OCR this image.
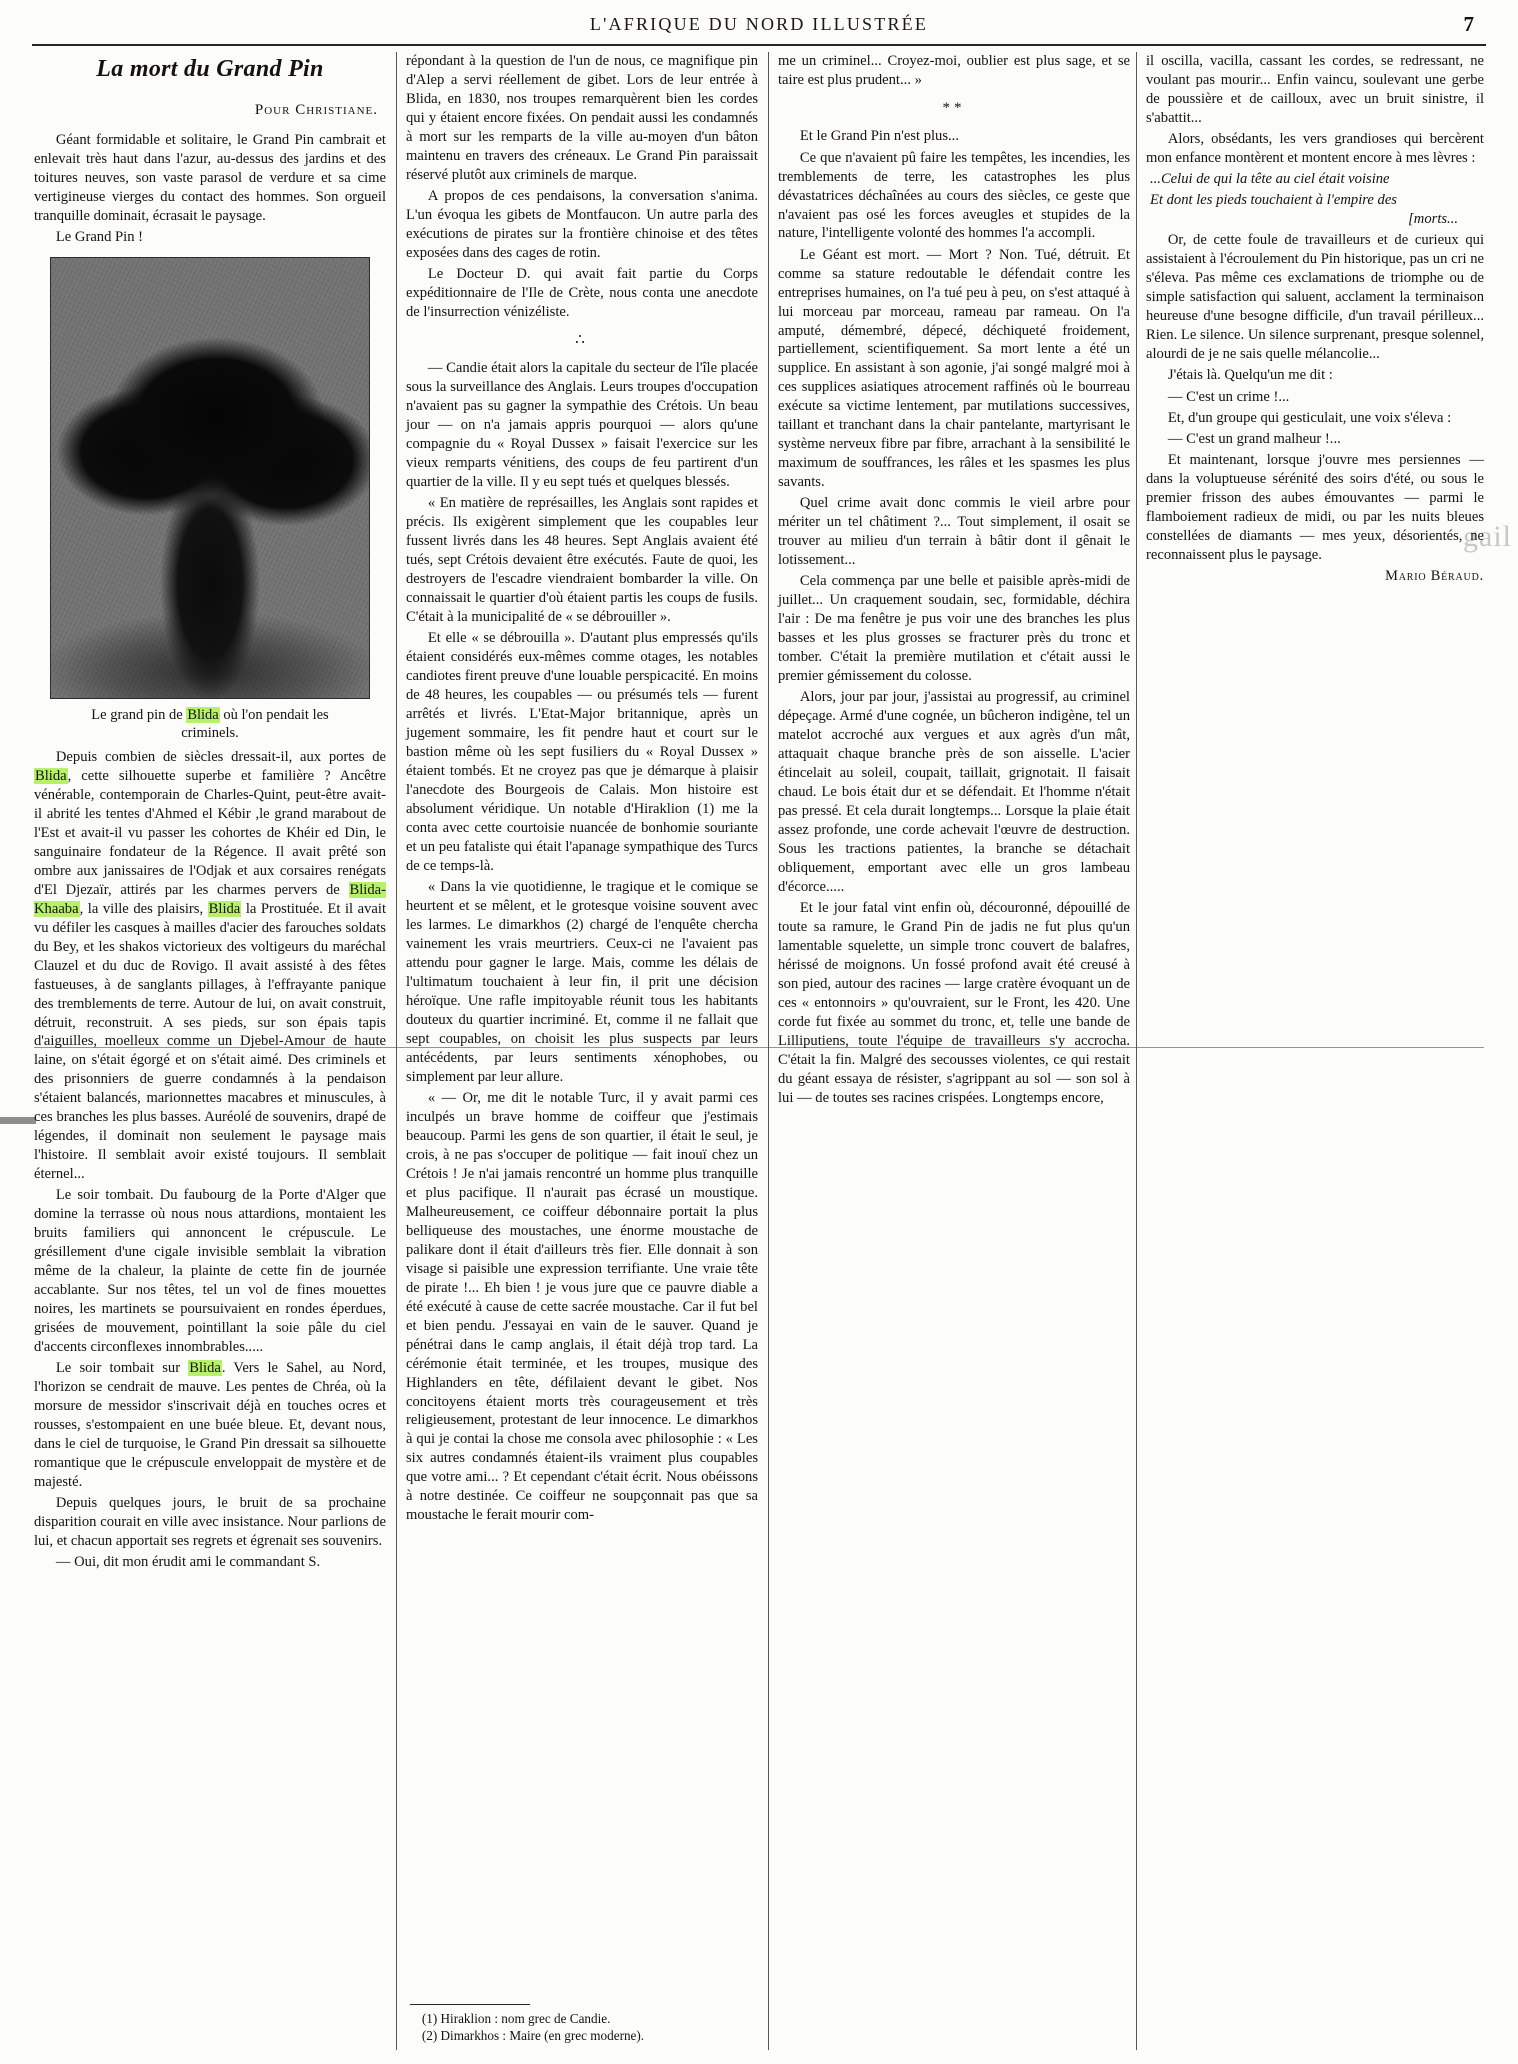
L'AFRIQUE DU NORD ILLUSTRÉE	7
gail
La mort du Grand Pin
Pour Christiane.

Géant formidable et solitaire, le Grand Pin cambrait et enlevait très haut dans l'azur, au-dessus des jardins et des toitures neuves, son vaste parasol de verdure et sa cime vertigineuse vierges du contact des hommes. Son orgueil tranquille dominait, écrasait le paysage.

Le Grand Pin !

Le grand pin de Blida où l'on pendait les
criminels.

Depuis combien de siècles dressait-il, aux portes de Blida, cette silhouette superbe et familière ? Ancêtre vénérable, contemporain de Charles-Quint, peut-être avait-il abrité les tentes d'Ahmed el Kébir ,le grand marabout de l'Est et avait-il vu passer les cohortes de Khéir ed Din, le sanguinaire fondateur de la Régence. Il avait prêté son ombre aux janissaires de l'Odjak et aux corsaires renégats d'El Djezaïr, attirés par les charmes pervers de Blida-Khaaba, la ville des plaisirs, Blida la Prostituée. Et il avait vu défiler les casques à mailles d'acier des farouches soldats du Bey, et les shakos victorieux des voltigeurs du maréchal Clauzel et du duc de Rovigo. Il avait assisté à des fêtes fastueuses, à de sanglants pillages, à l'effrayante panique des tremblements de terre. Autour de lui, on avait construit, détruit, reconstruit. A ses pieds, sur son épais tapis d'aiguilles, moelleux comme un Djebel-Amour de haute laine, on s'était égorgé et on s'était aimé. Des criminels et des prisonniers de guerre condamnés à la pendaison s'étaient balancés, marionnettes macabres et minuscules, à ces branches les plus basses. Auréolé de souvenirs, drapé de légendes, il dominait non seulement le paysage mais l'histoire. Il semblait avoir existé toujours. Il semblait éternel...

Le soir tombait. Du faubourg de la Porte d'Alger que domine la terrasse où nous nous attardions, montaient les bruits familiers qui annoncent le crépuscule. Le grésillement d'une cigale invisible semblait la vibration même de la chaleur, la plainte de cette fin de journée accablante. Sur nos têtes, tel un vol de fines mouettes noires, les martinets se poursuivaient en rondes éperdues, grisées de mouvement, pointillant la soie pâle du ciel d'accents circonflexes innombrables.....

Le soir tombait sur Blida. Vers le Sahel, au Nord, l'horizon se cendrait de mauve. Les pentes de Chréa, où la morsure de messidor s'inscrivait déjà en touches ocres et rousses, s'estompaient en une buée bleue. Et, devant nous, dans le ciel de turquoise, le Grand Pin dressait sa silhouette romantique que le crépuscule enveloppait de mystère et de majesté.

Depuis quelques jours, le bruit de sa prochaine disparition courait en ville avec insistance. Nour parlions de lui, et chacun apportait ses regrets et égrenait ses souvenirs.

— Oui, dit mon érudit ami le commandant S.

répondant à la question de l'un de nous, ce magnifique pin d'Alep a servi réellement de gibet. Lors de leur entrée à Blida, en 1830, nos troupes remarquèrent bien les cordes qui y étaient encore fixées. On pendait aussi les condamnés à mort sur les remparts de la ville au-moyen d'un bâton maintenu en travers des créneaux. Le Grand Pin paraissait réservé plutôt aux criminels de marque.

A propos de ces pendaisons, la conversation s'anima. L'un évoqua les gibets de Montfaucon. Un autre parla des exécutions de pirates sur la frontière chinoise et des têtes exposées dans des cages de rotin.

Le Docteur D. qui avait fait partie du Corps expéditionnaire de l'Ile de Crète, nous conta une anecdote de l'insurrection vénizéliste.

∴

— Candie était alors la capitale du secteur de l'île placée sous la surveillance des Anglais. Leurs troupes d'occupation n'avaient pas su gagner la sympathie des Crétois. Un beau jour — on n'a jamais appris pourquoi — alors qu'une compagnie du « Royal Dussex » faisait l'exercice sur les vieux remparts vénitiens, des coups de feu partirent d'un quartier de la ville. Il y eu sept tués et quelques blessés.

« En matière de représailles, les Anglais sont rapides et précis. Ils exigèrent simplement que les coupables leur fussent livrés dans les 48 heures. Sept Anglais avaient été tués, sept Crétois devaient être exécutés. Faute de quoi, les destroyers de l'escadre viendraient bombarder la ville. On connaissait le quartier d'où étaient partis les coups de fusils. C'était à la municipalité de « se débrouiller ».

Et elle « se débrouilla ». D'autant plus empressés qu'ils étaient considérés eux-mêmes comme otages, les notables candiotes firent preuve d'une louable perspicacité. En moins de 48 heures, les coupables — ou présumés tels — furent arrêtés et livrés. L'Etat-Major britannique, après un jugement sommaire, les fit pendre haut et court sur le bastion même où les sept fusiliers du « Royal Dussex » étaient tombés. Et ne croyez pas que je démarque à plaisir l'anecdote des Bourgeois de Calais. Mon histoire est absolument véridique. Un notable d'Hiraklion (1) me la conta avec cette courtoisie nuancée de bonhomie souriante et un peu fataliste qui était l'apanage sympathique des Turcs de ce temps-là.

« Dans la vie quotidienne, le tragique et le comique se heurtent et se mêlent, et le grotesque voisine souvent avec les larmes. Le dimarkhos (2) chargé de l'enquête chercha vainement les vrais meurtriers. Ceux-ci ne l'avaient pas attendu pour gagner le large. Mais, comme les délais de l'ultimatum touchaient à leur fin, il prit une décision héroïque. Une rafle impitoyable réunit tous les habitants douteux du quartier incriminé. Et, comme il ne fallait que sept coupables, on choisit les plus suspects par leurs antécédents, par leurs sentiments xénophobes, ou simplement par leur allure.

« — Or, me dit le notable Turc, il y avait parmi ces inculpés un brave homme de coiffeur que j'estimais beaucoup. Parmi les gens de son quartier, il était le seul, je crois, à ne pas s'occuper de politique — fait inouï chez un Crétois ! Je n'ai jamais rencontré un homme plus tranquille et plus pacifique. Il n'aurait pas écrasé un moustique. Malheureusement, ce coiffeur débonnaire portait la plus belliqueuse des moustaches, une énorme moustache de palikare dont il était d'ailleurs très fier. Elle donnait à son visage si paisible une expression terrifiante. Une vraie tête de pirate !... Eh bien ! je vous jure que ce pauvre diable a été exécuté à cause de cette sacrée moustache. Car il fut bel et bien pendu. J'essayai en vain de le sauver. Quand je pénétrai dans le camp anglais, il était déjà trop tard. La cérémonie était terminée, et les troupes, musique des Highlanders en tête, défilaient devant le gibet. Nos concitoyens étaient morts très courageusement et très religieusement, protestant de leur innocence. Le dimarkhos à qui je contai la chose me consola avec philosophie : « Les six autres condamnés étaient-ils vraiment plus coupables que votre ami... ? Et cependant c'était écrit. Nous obéissons à notre destinée. Ce coiffeur ne soupçonnait pas que sa moustache le ferait mourir com-

(1) Hiraklion : nom grec de Candie.

(2) Dimarkhos : Maire (en grec moderne).

me un criminel... Croyez-moi, oublier est plus sage, et se taire est plus prudent... »

**

Et le Grand Pin n'est plus...

Ce que n'avaient pû faire les tempêtes, les incendies, les tremblements de terre, les catastrophes les plus dévastatrices déchaînées au cours des siècles, ce geste que n'avaient pas osé les forces aveugles et stupides de la nature, l'intelligente volonté des hommes l'a accompli.

Le Géant est mort. — Mort ? Non. Tué, détruit. Et comme sa stature redoutable le défendait contre les entreprises humaines, on l'a tué peu à peu, on s'est attaqué à lui morceau par morceau, rameau par rameau. On l'a amputé, démembré, dépecé, déchiqueté froidement, partiellement, scientifiquement. Sa mort lente a été un supplice. En assistant à son agonie, j'ai songé malgré moi à ces supplices asiatiques atrocement raffinés où le bourreau exécute sa victime lentement, par mutilations successives, taillant et tranchant dans la chair pantelante, martyrisant le système nerveux fibre par fibre, arrachant à la sensibilité le maximum de souffrances, les râles et les spasmes les plus savants.

Quel crime avait donc commis le vieil arbre pour mériter un tel châtiment ?... Tout simplement, il osait se trouver au milieu d'un terrain à bâtir dont il gênait le lotissement...

Cela commença par une belle et paisible après-midi de juillet... Un craquement soudain, sec, formidable, déchira l'air : De ma fenêtre je pus voir une des branches les plus basses et les plus grosses se fracturer près du tronc et tomber. C'était la première mutilation et c'était aussi le premier gémissement du colosse.

Alors, jour par jour, j'assistai au progressif, au criminel dépeçage. Armé d'une cognée, un bûcheron indigène, tel un matelot accroché aux vergues et aux agrès d'un mât, attaquait chaque branche près de son aisselle. L'acier étincelait au soleil, coupait, taillait, grignotait. Il faisait chaud. Le bois était dur et se défendait. Et l'homme n'était pas pressé. Et cela durait longtemps... Lorsque la plaie était assez profonde, une corde achevait l'œuvre de destruction. Sous les tractions patientes, la branche se détachait obliquement, emportant avec elle un gros lambeau d'écorce.....

Et le jour fatal vint enfin où, découronné, dépouillé de toute sa ramure, le Grand Pin de jadis ne fut plus qu'un lamentable squelette, un simple tronc couvert de balafres, hérissé de moignons. Un fossé profond avait été creusé à son pied, autour des racines — large cratère évoquant un de ces « entonnoirs » qu'ouvraient, sur le Front, les 420. Une corde fut fixée au sommet du tronc, et, telle une bande de Lilliputiens, toute l'équipe de travailleurs s'y accrocha. C'était la fin. Malgré des secousses violentes, ce qui restait du géant essaya de résister, s'agrippant au sol — son sol à lui — de toutes ses racines crispées. Longtemps encore,

il oscilla, vacilla, cassant les cordes, se redressant, ne voulant pas mourir... Enfin vaincu, soulevant une gerbe de poussière et de cailloux, avec un bruit sinistre, il s'abattit...

Alors, obsédants, les vers grandioses qui bercèrent mon enfance montèrent et montent encore à mes lèvres :

...Celui de qui la tête au ciel était voisine

Et dont les pieds touchaient à l'empire des
[morts...

Or, de cette foule de travailleurs et de curieux qui assistaient à l'écroulement du Pin historique, pas un cri ne s'éleva. Pas même ces exclamations de triomphe ou de simple satisfaction qui saluent, acclament la terminaison heureuse d'une besogne difficile, d'un travail périlleux... Rien. Le silence. Un silence surprenant, presque solennel, alourdi de je ne sais quelle mélancolie...

J'étais là. Quelqu'un me dit :

— C'est un crime !...

Et, d'un groupe qui gesticulait, une voix s'éleva :

— C'est un grand malheur !...

Et maintenant, lorsque j'ouvre mes persiennes — dans la voluptueuse sérénité des soirs d'été, ou sous le premier frisson des aubes émouvantes — parmi le flamboiement radieux de midi, ou par les nuits bleues constellées de diamants — mes yeux, désorientés, ne reconnaissent plus le paysage.

Mario Béraud.
